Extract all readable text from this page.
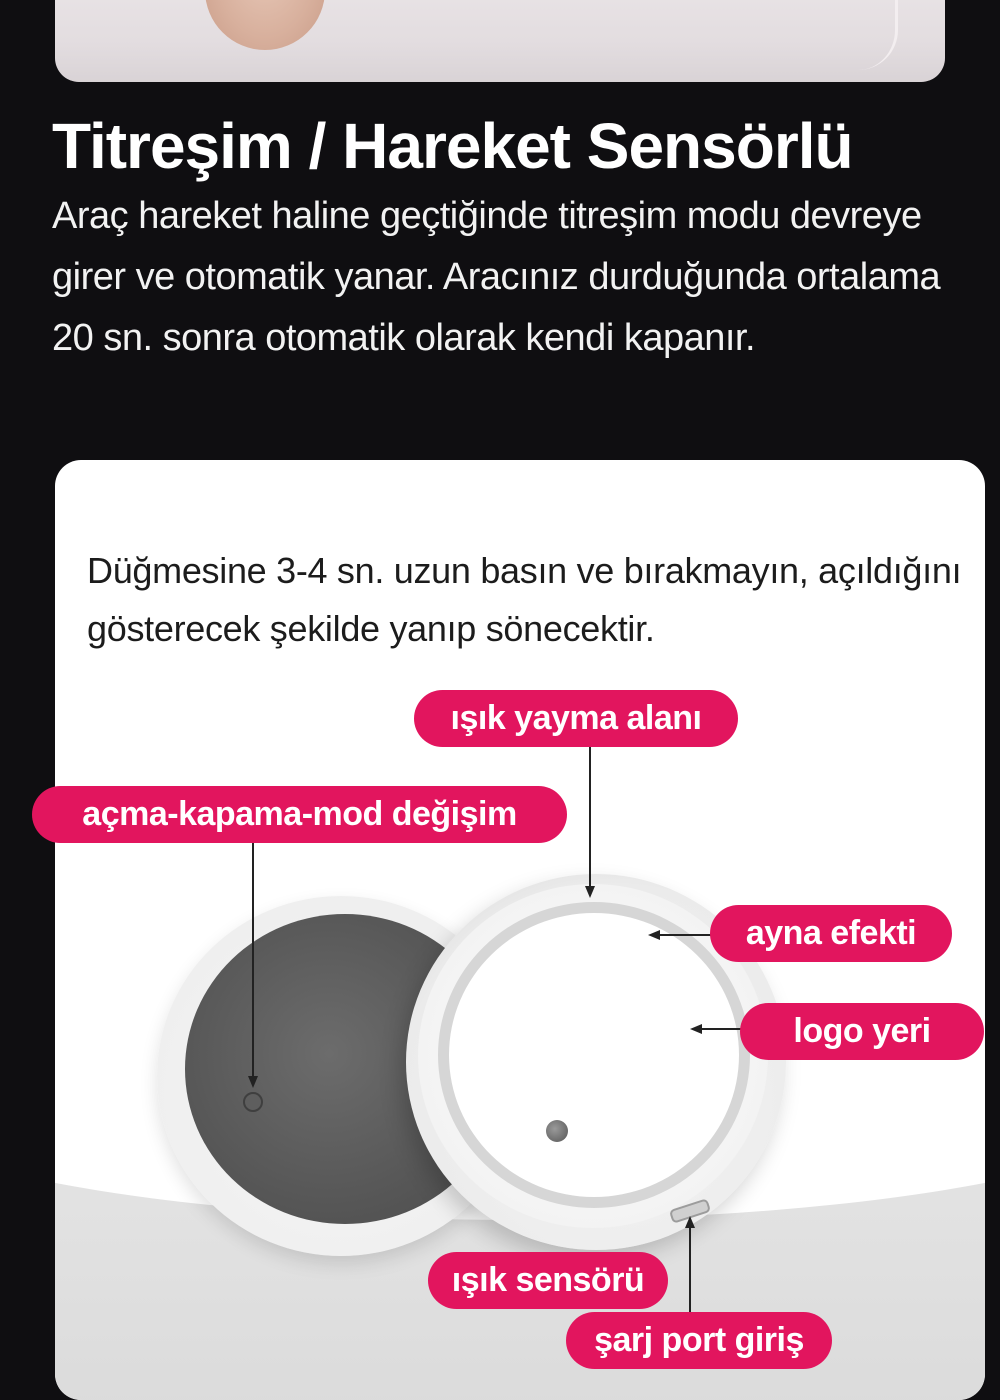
Titreşim / Hareket Sensörlü

Araç hareket haline geçtiğinde titreşim modu devreye girer ve otomatik yanar. Aracınız durduğunda ortalama 20 sn. sonra otomatik olarak kendi kapanır.

Düğmesine 3-4 sn. uzun basın ve bırakmayın, açıldığını gösterecek şekilde yanıp sönecektir.

ışık yayma alanı
açma-kapama-mod değişim
ayna efekti
logo yeri
ışık sensörü
şarj port giriş
